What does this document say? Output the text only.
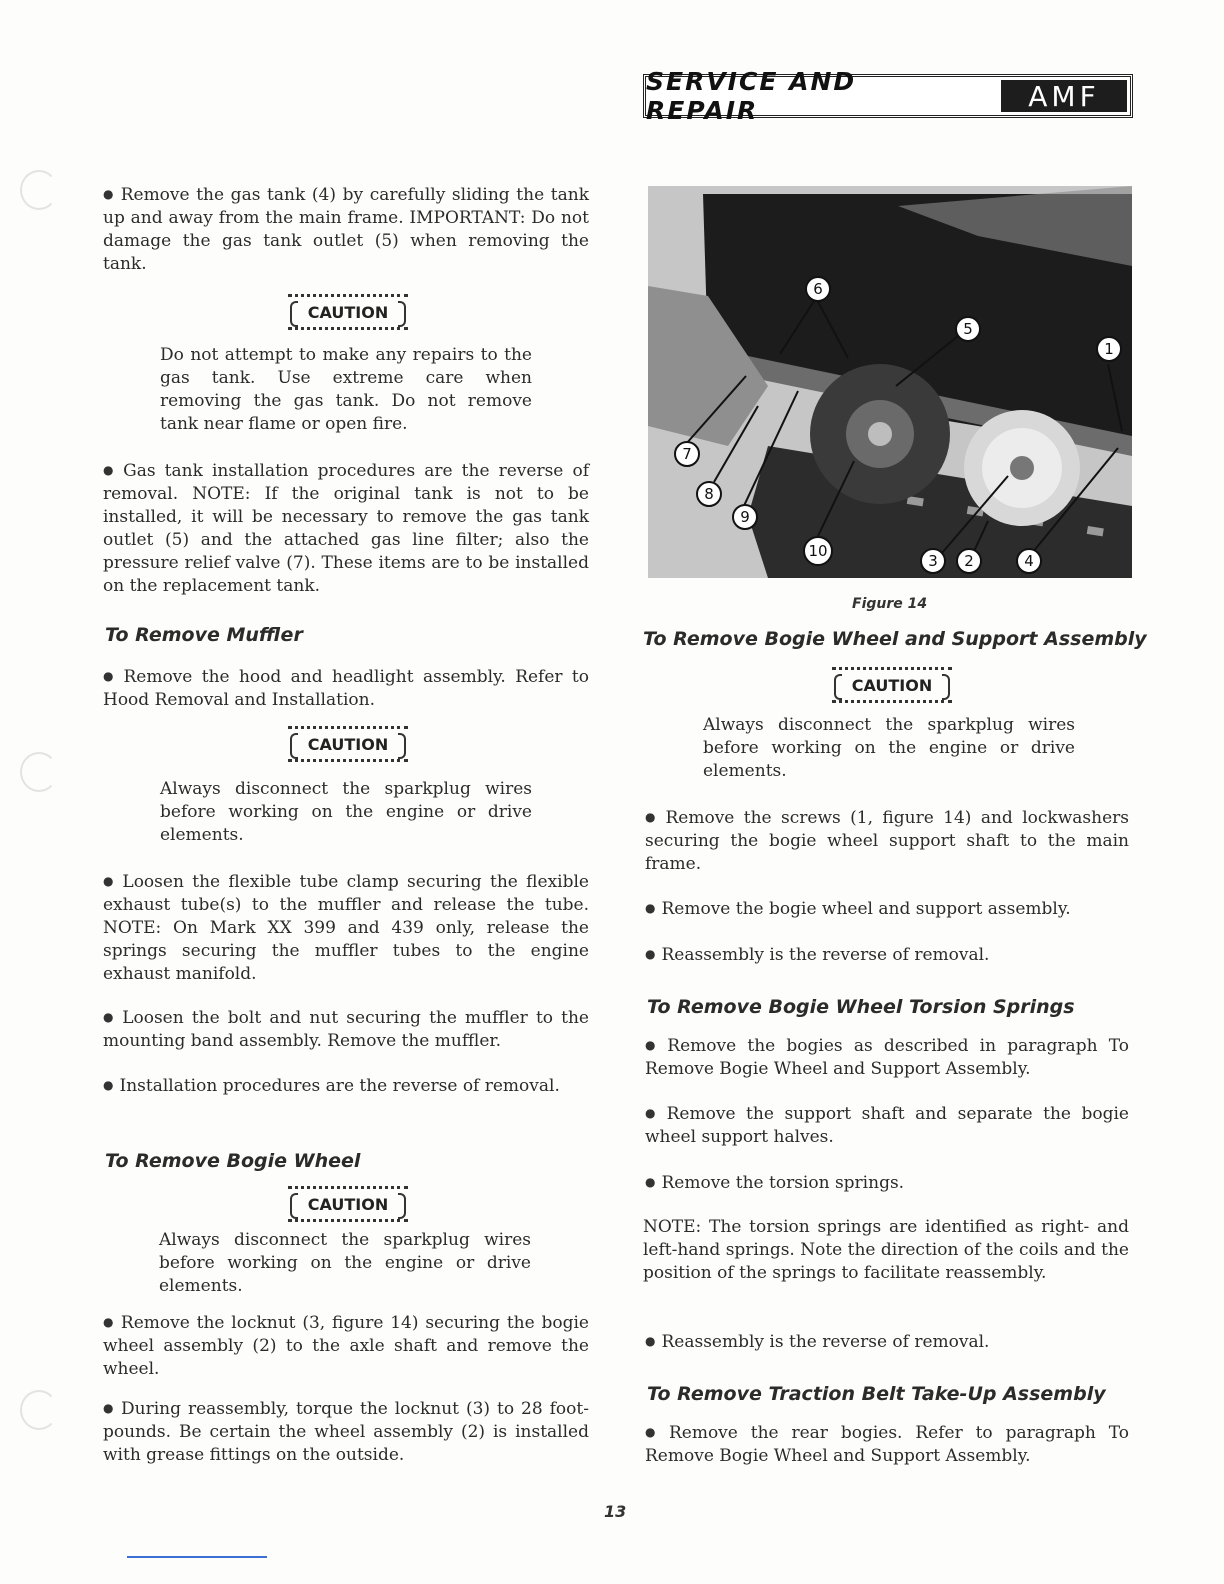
SERVICE AND REPAIR	AMF
● Remove the gas tank (4) by carefully sliding the tank up and away from the main frame. IMPORTANT: Do not damage the gas tank outlet (5) when removing the tank.
CAUTION
Do not attempt to make any repairs to the gas tank. Use extreme care when removing the gas tank. Do not remove tank near flame or open fire.
● Gas tank installation procedures are the reverse of removal. NOTE: If the original tank is not to be installed, it will be necessary to remove the gas tank outlet (5) and the attached gas line filter; also the pressure relief valve (7). These items are to be installed on the replacement tank.
To Remove Muffler
● Remove the hood and headlight assembly. Refer to Hood Removal and Installation.
CAUTION
Always disconnect the sparkplug wires before working on the engine or drive elements.
● Loosen the flexible tube clamp securing the flexible exhaust tube(s) to the muffler and release the tube. NOTE: On Mark XX 399 and 439 only, release the springs securing the muffler tubes to the engine exhaust manifold.
● Loosen the bolt and nut securing the muffler to the mounting band assembly. Remove the muffler.
● Installation procedures are the reverse of removal.
To Remove Bogie Wheel
CAUTION
Always disconnect the sparkplug wires before working on the engine or drive elements.
● Remove the locknut (3, figure 14) securing the bogie wheel assembly (2) to the axle shaft and remove the wheel.
● During reassembly, torque the locknut (3) to 28 foot-pounds. Be certain the wheel assembly (2) is installed with grease fittings on the outside.
6
5
1
7
8
9
10
3	2	4
Figure 14
To Remove Bogie Wheel and Support Assembly
CAUTION
Always disconnect the sparkplug wires before working on the engine or drive elements.
● Remove the screws (1, figure 14) and lockwashers securing the bogie wheel support shaft to the main frame.
● Remove the bogie wheel and support assembly.
● Reassembly is the reverse of removal.
To Remove Bogie Wheel Torsion Springs
● Remove the bogies as described in paragraph To Remove Bogie Wheel and Support Assembly.
● Remove the support shaft and separate the bogie wheel support halves.
● Remove the torsion springs.
NOTE: The torsion springs are identified as right- and left-hand springs. Note the direction of the coils and the position of the springs to facilitate reassembly.
● Reassembly is the reverse of removal.
To Remove Traction Belt Take-Up Assembly
● Remove the rear bogies. Refer to paragraph To Remove Bogie Wheel and Support Assembly.
13
